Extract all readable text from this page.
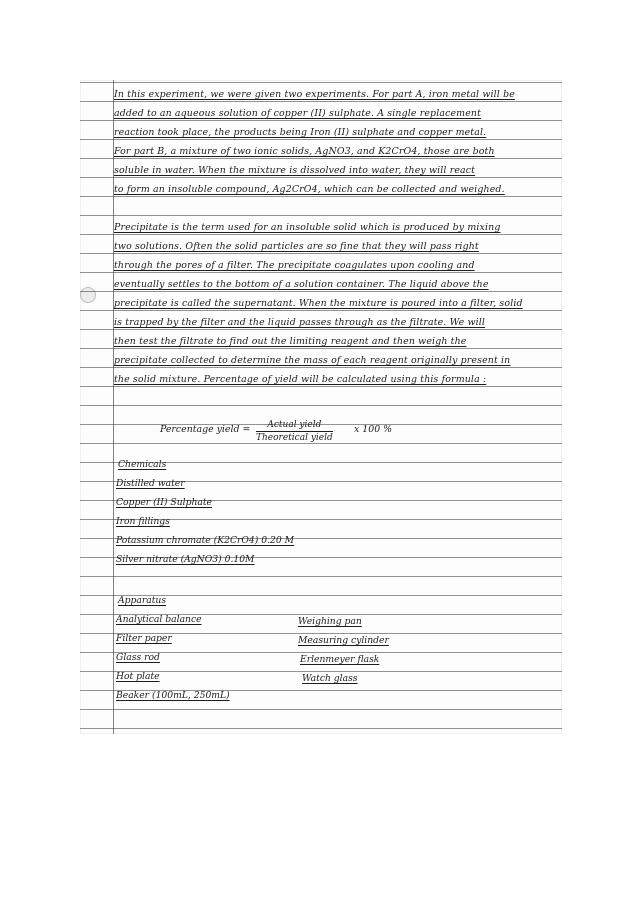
In this experiment, we were given two experiments. For part A, iron metal will be
added to an aqueous solution of copper (II) sulphate. A single replacement
reaction took place, the products being Iron (II) sulphate and copper metal.
For part B, a mixture of two ionic solids, AgNO3, and K2CrO4, those are both
soluble in water. When the mixture is dissolved into water, they will react
to form an insoluble compound, Ag2CrO4, which can be collected and weighed.
Precipitate is the term used for an insoluble solid which is produced by mixing
two solutions. Often the solid particles are so fine that they will pass right
through the pores of a filter. The precipitate coagulates upon cooling and
eventually settles to the bottom of a solution container. The liquid above the
precipitate is called the supernatant. When the mixture is poured into a filter, solid
is trapped by the filter and the liquid passes through as the filtrate. We will
then test the filtrate to find out the limiting reagent and then weigh the
precipitate collected to determine the mass of each reagent originally present in
the solid mixture. Percentage of yield will be calculated using this formula :
Percentage yield =	Actual yield
Theoretical yield
x 100 %
Chemicals
Distilled water
Copper (II) Sulphate
Iron fillings
Potassium chromate (K2CrO4) 0.20 M
Silver nitrate (AgNO3) 0.10M
Apparatus
Analytical balance
Filter paper
Glass rod
Hot plate
Beaker (100mL, 250mL)
Weighing pan
Measuring cylinder
Erlenmeyer flask
Watch glass
